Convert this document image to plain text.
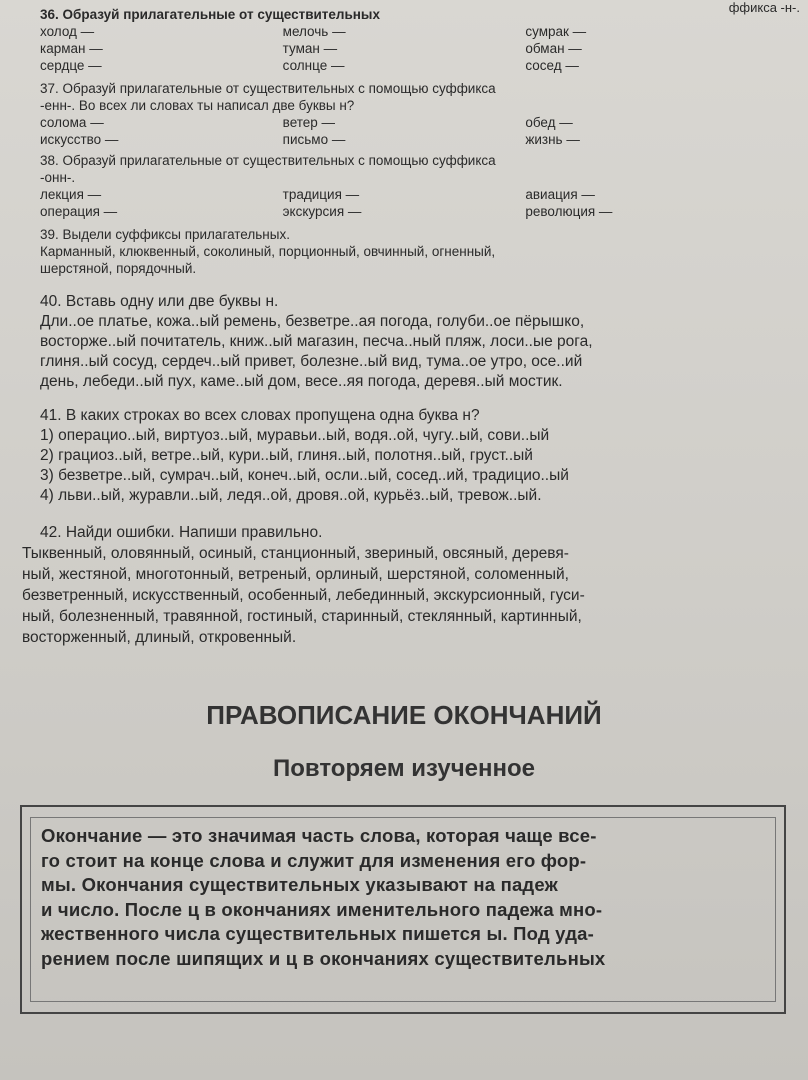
ффикса -н-.
36. Образуй прилагательные от существительных
холод —
карман —
сердце —
мелочь —
туман —
солнце —
сумрак —
обман —
сосед —
37. Образуй прилагательные от существительных с помощью суффикса
-енн-. Во всех ли словах ты написал две буквы н?
солома —
искусство —
ветер —
письмо —
обед —
жизнь —
38. Образуй прилагательные от существительных с помощью суффикса
-онн-.
лекция —
операция —
традиция —
экскурсия —
авиация —
революция —
39. Выдели суффиксы прилагательных.
Карманный, клюквенный, соколиный, порционный, овчинный, огненный,
шерстяной, порядочный.
40. Вставь одну или две буквы н.
Дли..ое платье, кожа..ый ремень, безветре..ая погода, голуби..ое пёрышко,
восторже..ый почитатель, книж..ый магазин, песча..ный пляж, лоси..ые рога,
глиня..ый сосуд, сердеч..ый привет, болезне..ый вид, тума..ое утро, осе..ий
день, лебеди..ый пух, каме..ый дом, весе..яя погода, деревя..ый мостик.
41. В каких строках во всех словах пропущена одна буква н?
1) операцио..ый, виртуоз..ый, муравьи..ый, водя..ой, чугу..ый, сови..ый
2) грациоз..ый, ветре..ый, кури..ый, глиня..ый, полотня..ый, груст..ый
3) безветре..ый, сумрач..ый, конеч..ый, осли..ый, сосед..ий, традицио..ый
4) льви..ый, журавли..ый, ледя..ой, дровя..ой, курьёз..ый, тревож..ый.
42. Найди ошибки. Напиши правильно.
Тыквенный, оловянный, осиный, станционный, звериный, овсяный, деревя-
ный, жестяной, многотонный, ветреный, орлиный, шерстяной, соломенный,
безветренный, искусственный, особенный, лебединный, экскурсионный, гуси-
ный, болезненный, травянной, гостиный, старинный, стеклянный, картинный,
восторженный, длиный, откровенный.
ПРАВОПИСАНИЕ ОКОНЧАНИЙ
Повторяем изученное
Окончание — это значимая часть слова, которая чаще все-
го стоит на конце слова и служит для изменения его фор-
мы. Окончания существительных указывают на падеж
и число. После ц в окончаниях именительного падежа мно-
жественного числа существительных пишется ы. Под уда-
рением после шипящих и ц в окончаниях существительных
